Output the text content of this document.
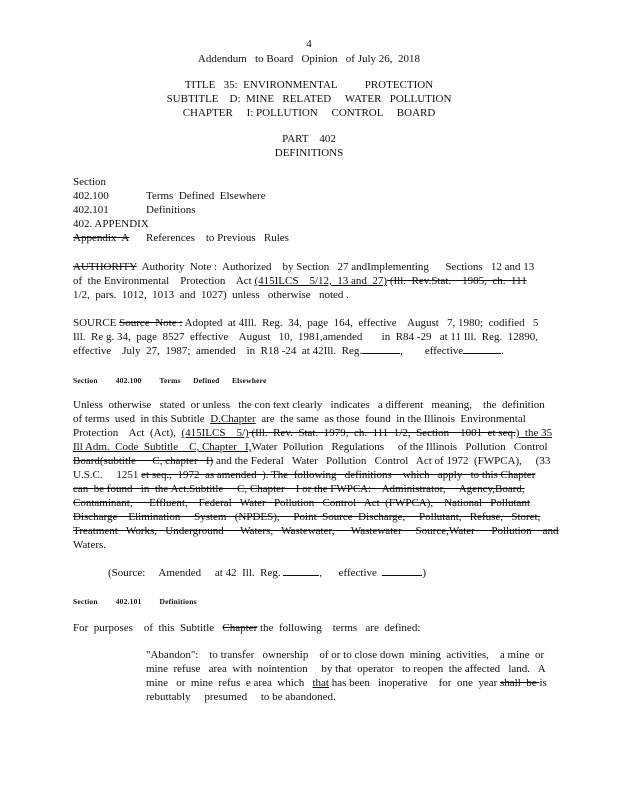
4
Addendum   to Board   Opinion   of July 26,  2018
TITLE   35:  ENVIRONMENTAL          PROTECTION
SUBTITLE    D:  MINE   RELATED     WATER   POLLUTION
CHAPTER     I: POLLUTION     CONTROL     BOARD
PART    402
DEFINITIONS
Section
402.100	Terms  Defined  Elsewhere
402.101	Definitions
402. APPENDIX
Appendix  A References    to Previous   Rules
AUTHORITY  Authority  Note :  Authorized    by Section   27 andImplementing      Sections   12 and 13
of  the Environmental    Protection    Act (415ILCS    5/12,  13 and  27) (Ill.  Rev.Stat.    1985,  ch.  111
1/2,  pars.  1012,  1013  and  1027)  unless   otherwise   noted .
SOURCE Source  Note : Adopted  at 4Ill.  Reg.  34,  page  164,  effective    August   7, 1980;  codified   5
Ill.  Re g. 34,  page  8527  effective    August   10,  1981,amended       in  R84 -29   at 11 Ill.  Reg.  12890,
effective    July  27,  1987;  amended    in  R18 -24  at 42Ill.  Reg.	, effective	.
Section 402.100 Terms      Defined      Elsewhere
Unless  otherwise   stated  or unless   the con text clearly   indicates   a different   meaning,    the  definition
of terms  used  in this Subtitle  D.Chapter  are  the same  as those  found  in the Illinois  Environmental
Protection    Act  (Act),  (415ILCS    5/) (Ill.  Rev.  Stat.  1979,  ch.  111  1/2,  Section    1001  et seq.)  the 35
Ill Adm.  Code  Subtitle    C, Chapter   I,Water  Pollution   Regulations     of the Illinois   Pollution   Control
Board(subtitle      C, chapter   I) and the Federal   Water   Pollution   Control   Act of 1972  (FWPCA),     (33
U.S.C.     1251 et seq.,  1972  as amended  ). The  following   definitions    which   apply   to this Chapter
can  be found   in  the Act.Subtitle     C, Chapter    I or the FWPCA:    Administrator,     Agency,Board,
Contaminant,      Effluent,    Federal   Water   Pollution   Control   Act  (FWPCA),    National   Pollutant
Discharge    Elimination     System   (NPDES),     Point  Source  Discharge,     Pollutant,   Refuse,   Storet,
Treatment   Works,   Underground      Waters,   Wastewater,      Wastewater     Source,Water      Pollution    and
Waters.
(Source:     Amended     at 42  Ill.  Reg.	, effective	)
Section 402.101 Definitions
For  purposes    of  this  Subtitle   Chapter the  following    terms   are  defined:
"Abandon":    to transfer   ownership    of or to close down  mining  activities,    a mine  or
mine  refuse   area  with  nointention     by that  operator   to reopen  the affected   land.   A
mine   or  mine  refus  e area  which   that has been   inoperative    for  one  year shall  be is
rebuttably     presumed     to be abandoned.
